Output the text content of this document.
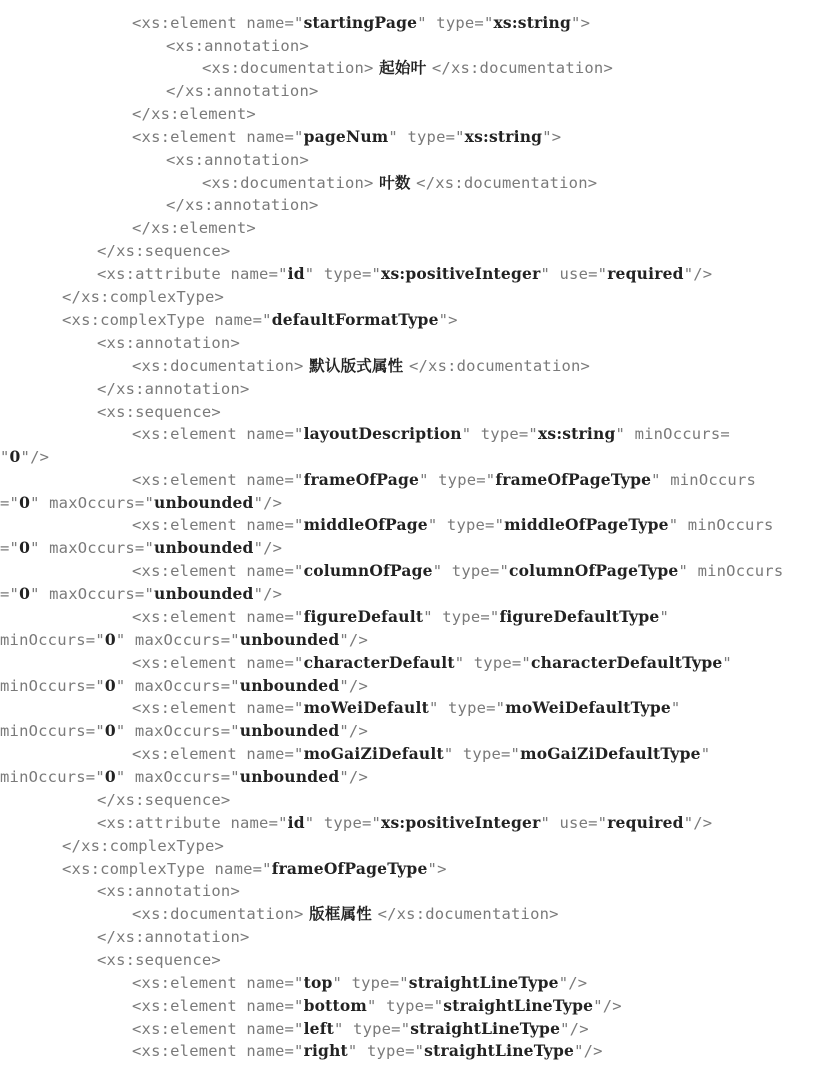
<xs:element name="startingPage" type="xs:string">
<xs:annotation>
<xs:documentation> 起始叶 </xs:documentation>
</xs:annotation>
</xs:element>
<xs:element name="pageNum" type="xs:string">
<xs:annotation>
<xs:documentation> 叶数 </xs:documentation>
</xs:annotation>
</xs:element>
</xs:sequence>
<xs:attribute name="id" type="xs:positiveInteger" use="required"/>
</xs:complexType>
<xs:complexType name="defaultFormatType">
<xs:annotation>
<xs:documentation> 默认版式属性 </xs:documentation>
</xs:annotation>
<xs:sequence>
<xs:element name="layoutDescription" type="xs:string" minOccurs=
"0"/>
<xs:element name="frameOfPage" type="frameOfPageType" minOccurs
="0" maxOccurs="unbounded"/>
<xs:element name="middleOfPage" type="middleOfPageType" minOccurs
="0" maxOccurs="unbounded"/>
<xs:element name="columnOfPage" type="columnOfPageType" minOccurs
="0" maxOccurs="unbounded"/>
<xs:element name="figureDefault" type="figureDefaultType"
minOccurs="0" maxOccurs="unbounded"/>
<xs:element name="characterDefault" type="characterDefaultType"
minOccurs="0" maxOccurs="unbounded"/>
<xs:element name="moWeiDefault" type="moWeiDefaultType"
minOccurs="0" maxOccurs="unbounded"/>
<xs:element name="moGaiZiDefault" type="moGaiZiDefaultType"
minOccurs="0" maxOccurs="unbounded"/>
</xs:sequence>
<xs:attribute name="id" type="xs:positiveInteger" use="required"/>
</xs:complexType>
<xs:complexType name="frameOfPageType">
<xs:annotation>
<xs:documentation> 版框属性 </xs:documentation>
</xs:annotation>
<xs:sequence>
<xs:element name="top" type="straightLineType"/>
<xs:element name="bottom" type="straightLineType"/>
<xs:element name="left" type="straightLineType"/>
<xs:element name="right" type="straightLineType"/>
